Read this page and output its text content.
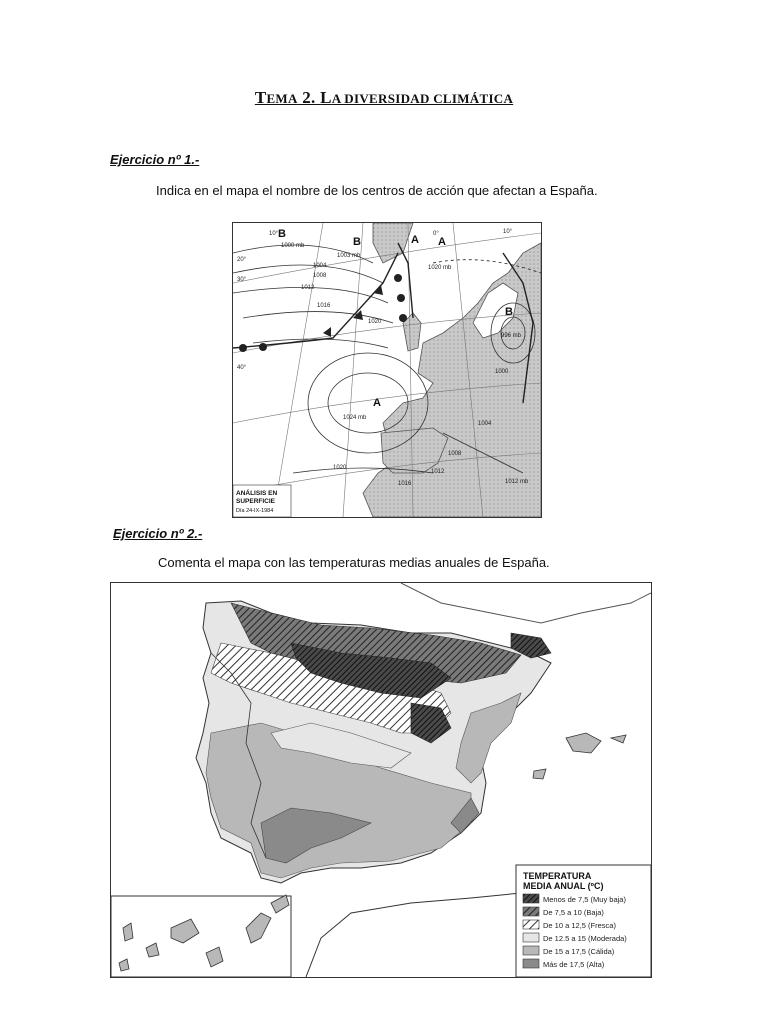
TEMA 2. LA DIVERSIDAD CLIMÁTICA
Ejercicio nº 1.-
Indica en el mapa el nombre de los centros de acción que afectan a España.
B
B	A
B
A
A
1000 mb
1003 mb
1004
1008
1012
1016
1020
1020 mb
1024 mb
1020
1016
1012
1008
1000
1004
1012 mb
996 mb
10°	0°	10°
20°
30°
40°
ANÁLISIS EN
SUPERFICIE
Día 24-IX-1984
Ejercicio nº 2.-
Comenta el mapa con las temperaturas medias anuales de España.
TEMPERATURA
MEDIA ANUAL (ºC)
Menos de 7,5 (Muy baja)
De 7,5 a 10 (Baja)
De 10 a 12,5 (Fresca)
De 12.5 a 15 (Moderada)
De 15 a 17,5 (Cálida)
Más de 17,5 (Alta)
